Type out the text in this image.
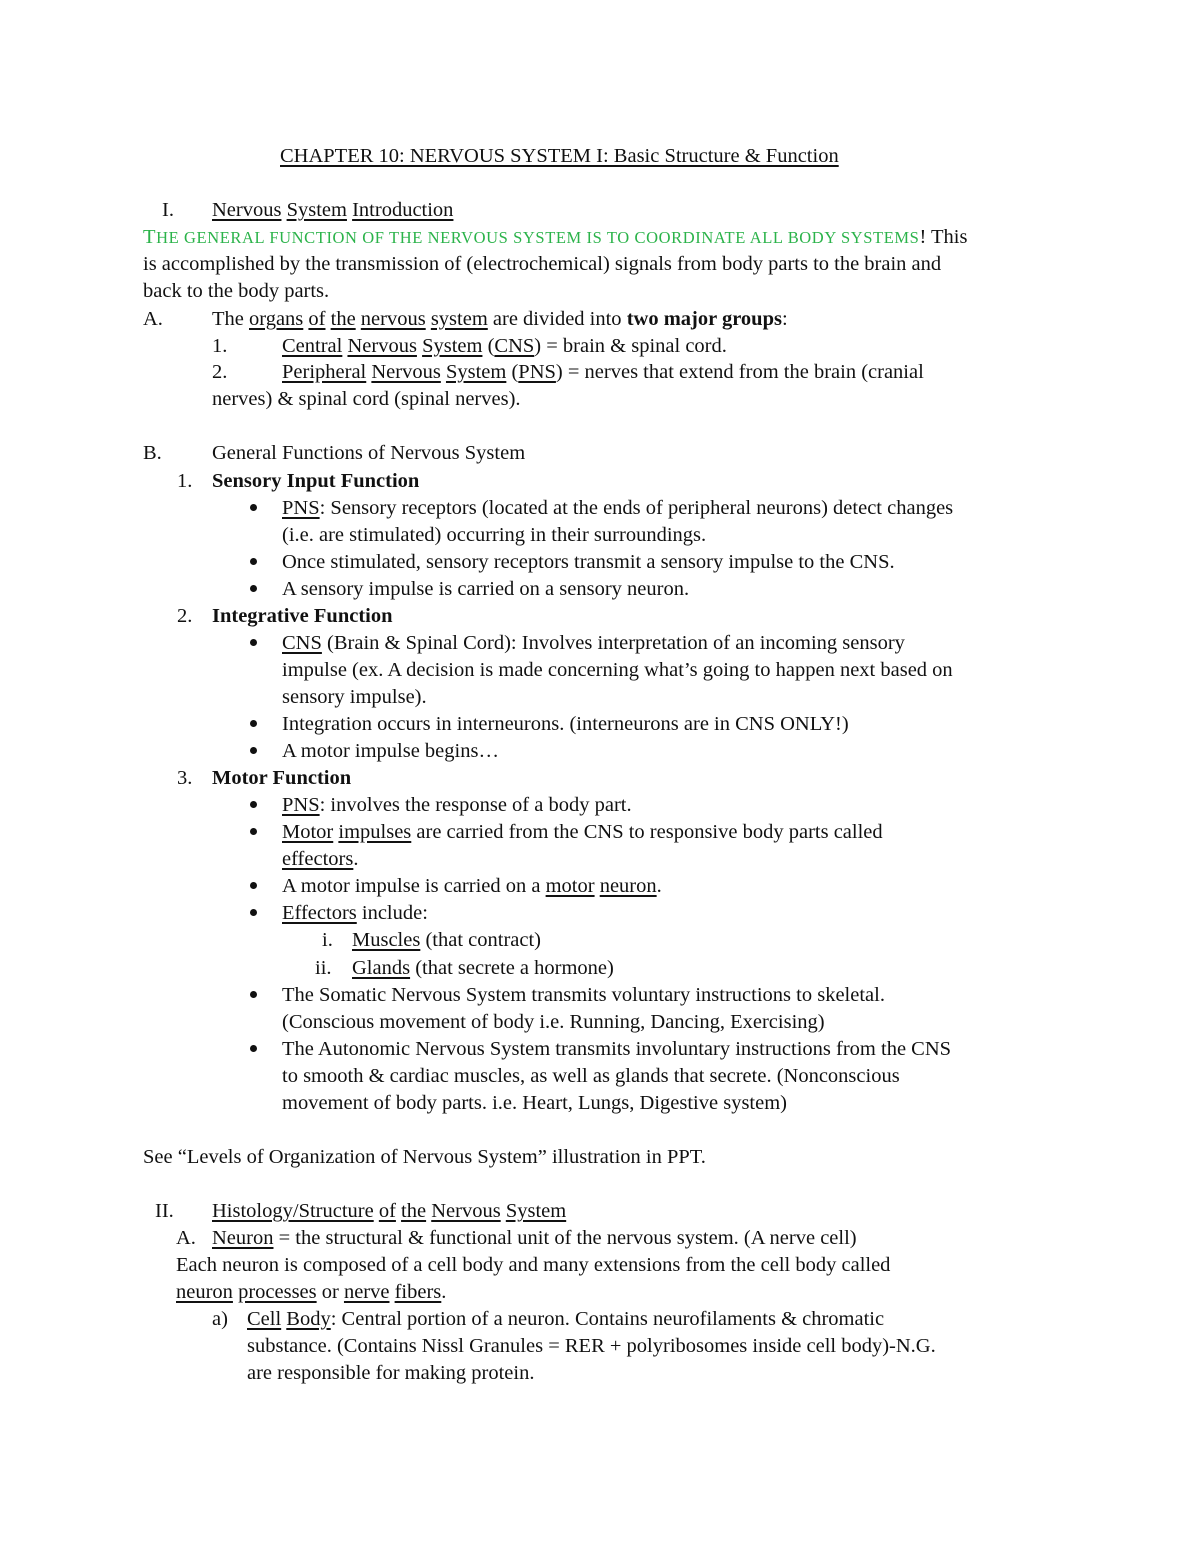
CHAPTER 10: NERVOUS SYSTEM I: Basic Structure & Function
I. Nervous System Introduction
THE GENERAL FUNCTION OF THE NERVOUS SYSTEM IS TO COORDINATE ALL BODY SYSTEMS! This
is accomplished by the transmission of (electrochemical) signals from body parts to the brain and
back to the body parts.
A. The organs of the nervous system are divided into two major groups:
1.	Central Nervous System (CNS) = brain & spinal cord.
2.	Peripheral Nervous System (PNS) = nerves that extend from the brain (cranial
nerves) & spinal cord (spinal nerves).
B. General Functions of Nervous System
1. Sensory Input Function
PNS: Sensory receptors (located at the ends of peripheral neurons) detect changes
(i.e. are stimulated) occurring in their surroundings.
Once stimulated, sensory receptors transmit a sensory impulse to the CNS.
A sensory impulse is carried on a sensory neuron.
2. Integrative Function
CNS (Brain & Spinal Cord): Involves interpretation of an incoming sensory
impulse (ex. A decision is made concerning what’s going to happen next based on
sensory impulse).
Integration occurs in interneurons. (interneurons are in CNS ONLY!)
A motor impulse begins…
3. Motor Function
PNS: involves the response of a body part.
Motor impulses are carried from the CNS to responsive body parts called
effectors.
A motor impulse is carried on a motor neuron.
Effectors include:
i. Muscles (that contract)
ii. Glands (that secrete a hormone)
The Somatic Nervous System transmits voluntary instructions to skeletal.
(Conscious movement of body i.e. Running, Dancing, Exercising)
The Autonomic Nervous System transmits involuntary instructions from the CNS
to smooth & cardiac muscles, as well as glands that secrete. (Nonconscious
movement of body parts. i.e. Heart, Lungs, Digestive system)
See “Levels of Organization of Nervous System” illustration in PPT.
II. Histology/Structure of the Nervous System
A. Neuron = the structural & functional unit of the nervous system. (A nerve cell)
Each neuron is composed of a cell body and many extensions from the cell body called
neuron processes or nerve fibers.
a) Cell Body: Central portion of a neuron. Contains neurofilaments & chromatic
substance. (Contains Nissl Granules = RER + polyribosomes inside cell body)-N.G.
are responsible for making protein.
